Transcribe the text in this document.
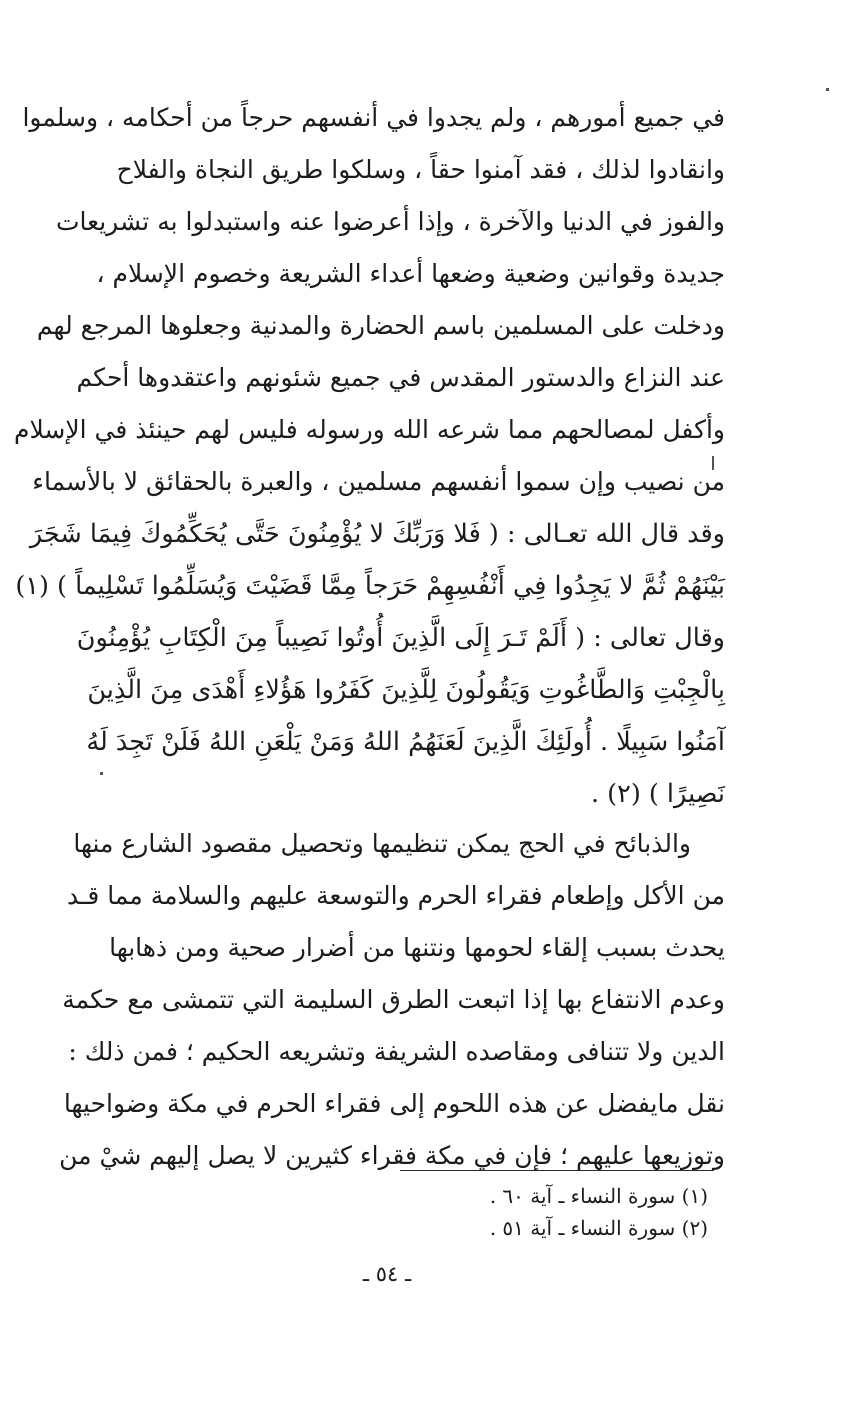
في جميع أمورهم ، ولم يجدوا في أنفسهم حرجاً من أحكامه ، وسلموا
وانقادوا لذلك ، فقد آمنوا حقاً ، وسلكوا طريق النجاة والفلاح
والفوز في الدنيا والآخرة ، وإذا أعرضوا عنه واستبدلوا به تشريعات
جديدة وقوانين وضعية وضعها أعداء الشريعة وخصوم الإسلام ،
ودخلت على المسلمين باسم الحضارة والمدنية وجعلوها المرجع لهم
عند النزاع والدستور المقدس في جميع شئونهم واعتقدوها أحكم
وأكفل لمصالحهم مما شرعه الله ورسوله فليس لهم حينئذ في الإسلام
من نصيب وإن سموا أنفسهم مسلمين ، والعبرة بالحقائق لا بالأسماء
وقد قال الله تعـالى : ( فَلا وَرَبِّكَ لا يُؤْمِنُونَ حَتَّى يُحَكِّمُوكَ فِيمَا شَجَرَ
بَيْنَهُمْ ثُمَّ لا يَجِدُوا فِي أَنْفُسِهِمْ حَرَجاً مِمَّا قَضَيْتَ وَيُسَلِّمُوا تَسْلِيماً ) (١)
وقال تعالى : ( أَلَمْ تَـرَ إِلَى الَّذِينَ أُوتُوا نَصِيباً مِنَ الْكِتَابِ يُؤْمِنُونَ
بِالْجِبْتِ وَالطَّاغُوتِ وَيَقُولُونَ لِلَّذِينَ كَفَرُوا هَؤُلاءِ أَهْدَى مِنَ الَّذِينَ
آمَنُوا سَبِيلًا . أُولَئِكَ الَّذِينَ لَعَنَهُمُ اللهُ وَمَنْ يَلْعَنِ اللهُ فَلَنْ تَجِدَ لَهُ
نَصِيرًا ) (٢) .
والذبائح في الحج يمكن تنظيمها وتحصيل مقصود الشارع منها
من الأكل وإطعام فقراء الحرم والتوسعة عليهم والسلامة مما قـد
يحدث بسبب إلقاء لحومها ونتنها من أضرار صحية ومن ذهابها
وعدم الانتفاع بها إذا اتبعت الطرق السليمة التي تتمشى مع حكمة
الدين ولا تتنافى ومقاصده الشريفة وتشريعه الحكيم ؛ فمن ذلك :
نقل مايفضل عن هذه اللحوم إلى فقراء الحرم في مكة وضواحيها
وتوزيعها عليهم ؛ فإن في مكة فقراء كثيرين لا يصل إليهم شيْ من
(١) سورة النساء ـ آية ٦٠ .
(٢) سورة النساء ـ آية ٥١ .
ـ ٥٤ ـ
